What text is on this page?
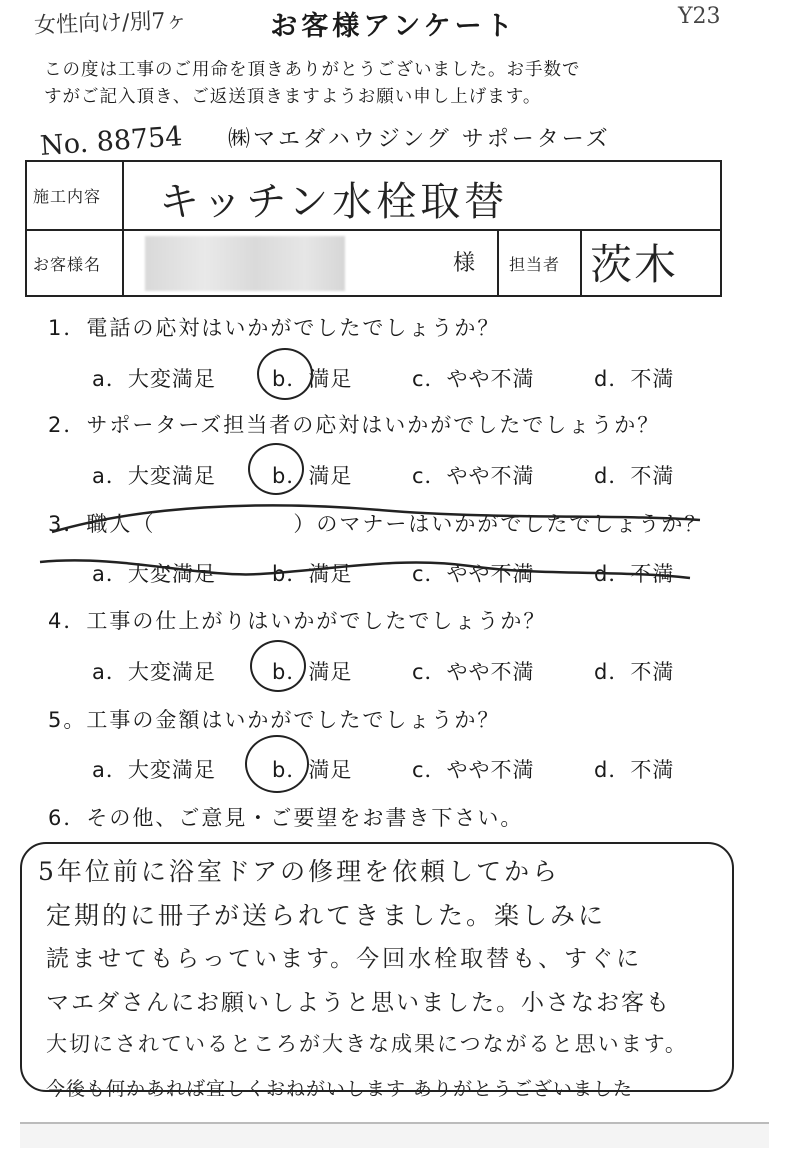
女性向け/別7ヶ	お客様アンケート	Y23
この度は工事のご用命を頂きありがとうございました。お手数で
すがご記入頂き、ご返送頂きますようお願い申し上げます。
No. 88754 ㈱マエダハウジング サポーターズ
施工内容 キッチン水栓取替
お客様名	様 担当者 茨木
1．電話の応対はいかがでしたでしょうか？
a．大変満足	b．満足	c．やや不満	d．不満
2．サポーターズ担当者の応対はいかがでしたでしょうか？
a．大変満足	b．満足	c．やや不満	d．不満
3．職人（　　　　　　）のマナーはいかがでしたでしょうか？
a．大変満足	b．満足	c．やや不満	d．不満
4．工事の仕上がりはいかがでしたでしょうか？
a．大変満足	b．満足	c．やや不満	d．不満
5。工事の金額はいかがでしたでしょうか？
a．大変満足	b．満足	c．やや不満	d．不満
6．その他、ご意見・ご要望をお書き下さい。
5年位前に浴室ドアの修理を依頼してから
定期的に冊子が送られてきました。楽しみに
読ませてもらっています。今回水栓取替も、すぐに
マエダさんにお願いしようと思いました。小さなお客も
大切にされているところが大きな成果につながると思います。
今後も何かあれば宜しくおねがいします ありがとうございました
